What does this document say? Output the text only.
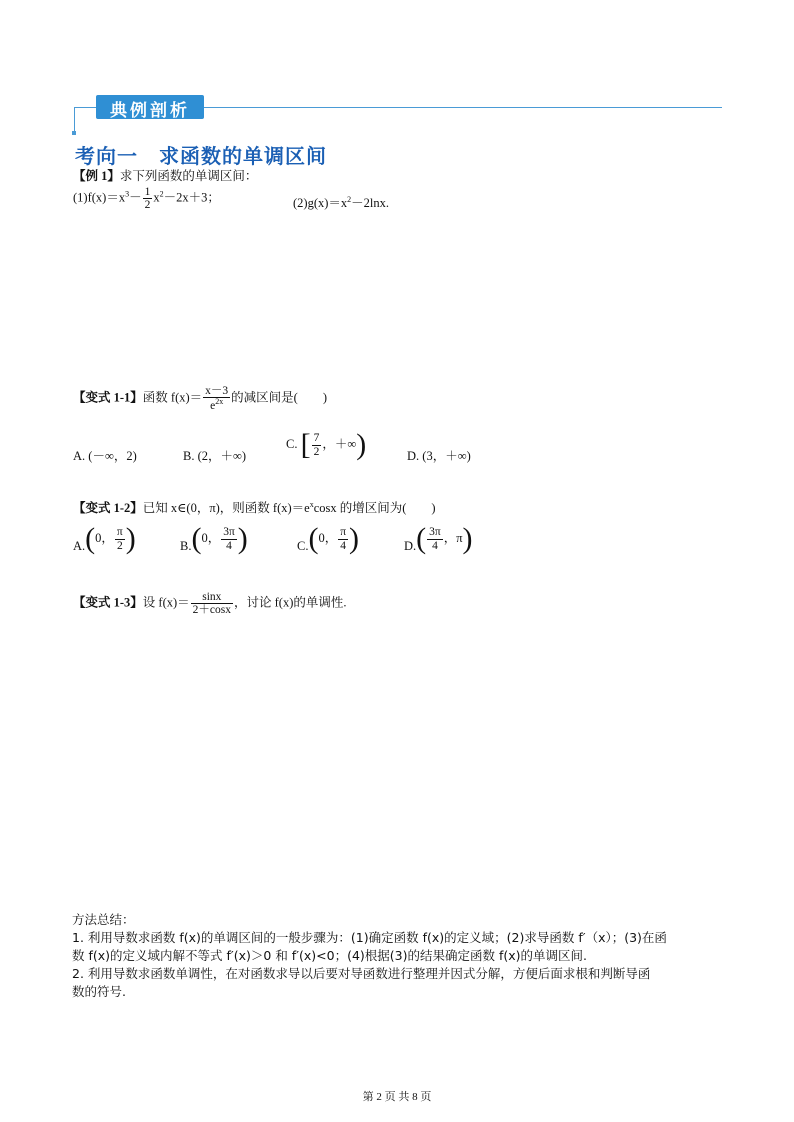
典例剖析
考向一　求函数的单调区间
【例 1】求下列函数的单调区间：
$(1)f(x)=x^3- \frac{1}{2} x^2-2x+3$；	$(2)g(x)=x^2-2\ln x$.
【变式 1-1】函数 $f(x)= \frac{x-3}{e^{2x}}$ 的减区间是(　　)
A. (－∞，2)	B. (2，＋∞)
C. [ $\frac{7}{2}$ ，＋∞)	D. (3，＋∞)
【变式 1-2】已知 x∈(0，π)，则函数 $f(x)=e^x\cos x$ 的增区间为(　　)
A.(0， $\frac{\pi}{2}$ )	B.(0， $\frac{3\pi}{4}$ )	C.(0， $\frac{\pi}{4}$ )	$D.( \frac{3\pi}{4}$ ，π)
【变式 1-3】设 $f(x)= \frac{\sin x}{2+\cos x}$ ，讨论 f(x)的单调性.
方法总结：
1. 利用导数求函数 f(x)的单调区间的一般步骤为：(1)确定函数 f(x)的定义域；(2)求导函数 f′（x）；(3)在函
数 f(x)的定义域内解不等式 f′(x)＞0 和 f′(x)<0；(4)根据(3)的结果确定函数 f(x)的单调区间.
2. 利用导数求函数单调性，在对函数求导以后要对导函数进行整理并因式分解，方便后面求根和判断导函
数的符号.
第 2 页 共 8 页
